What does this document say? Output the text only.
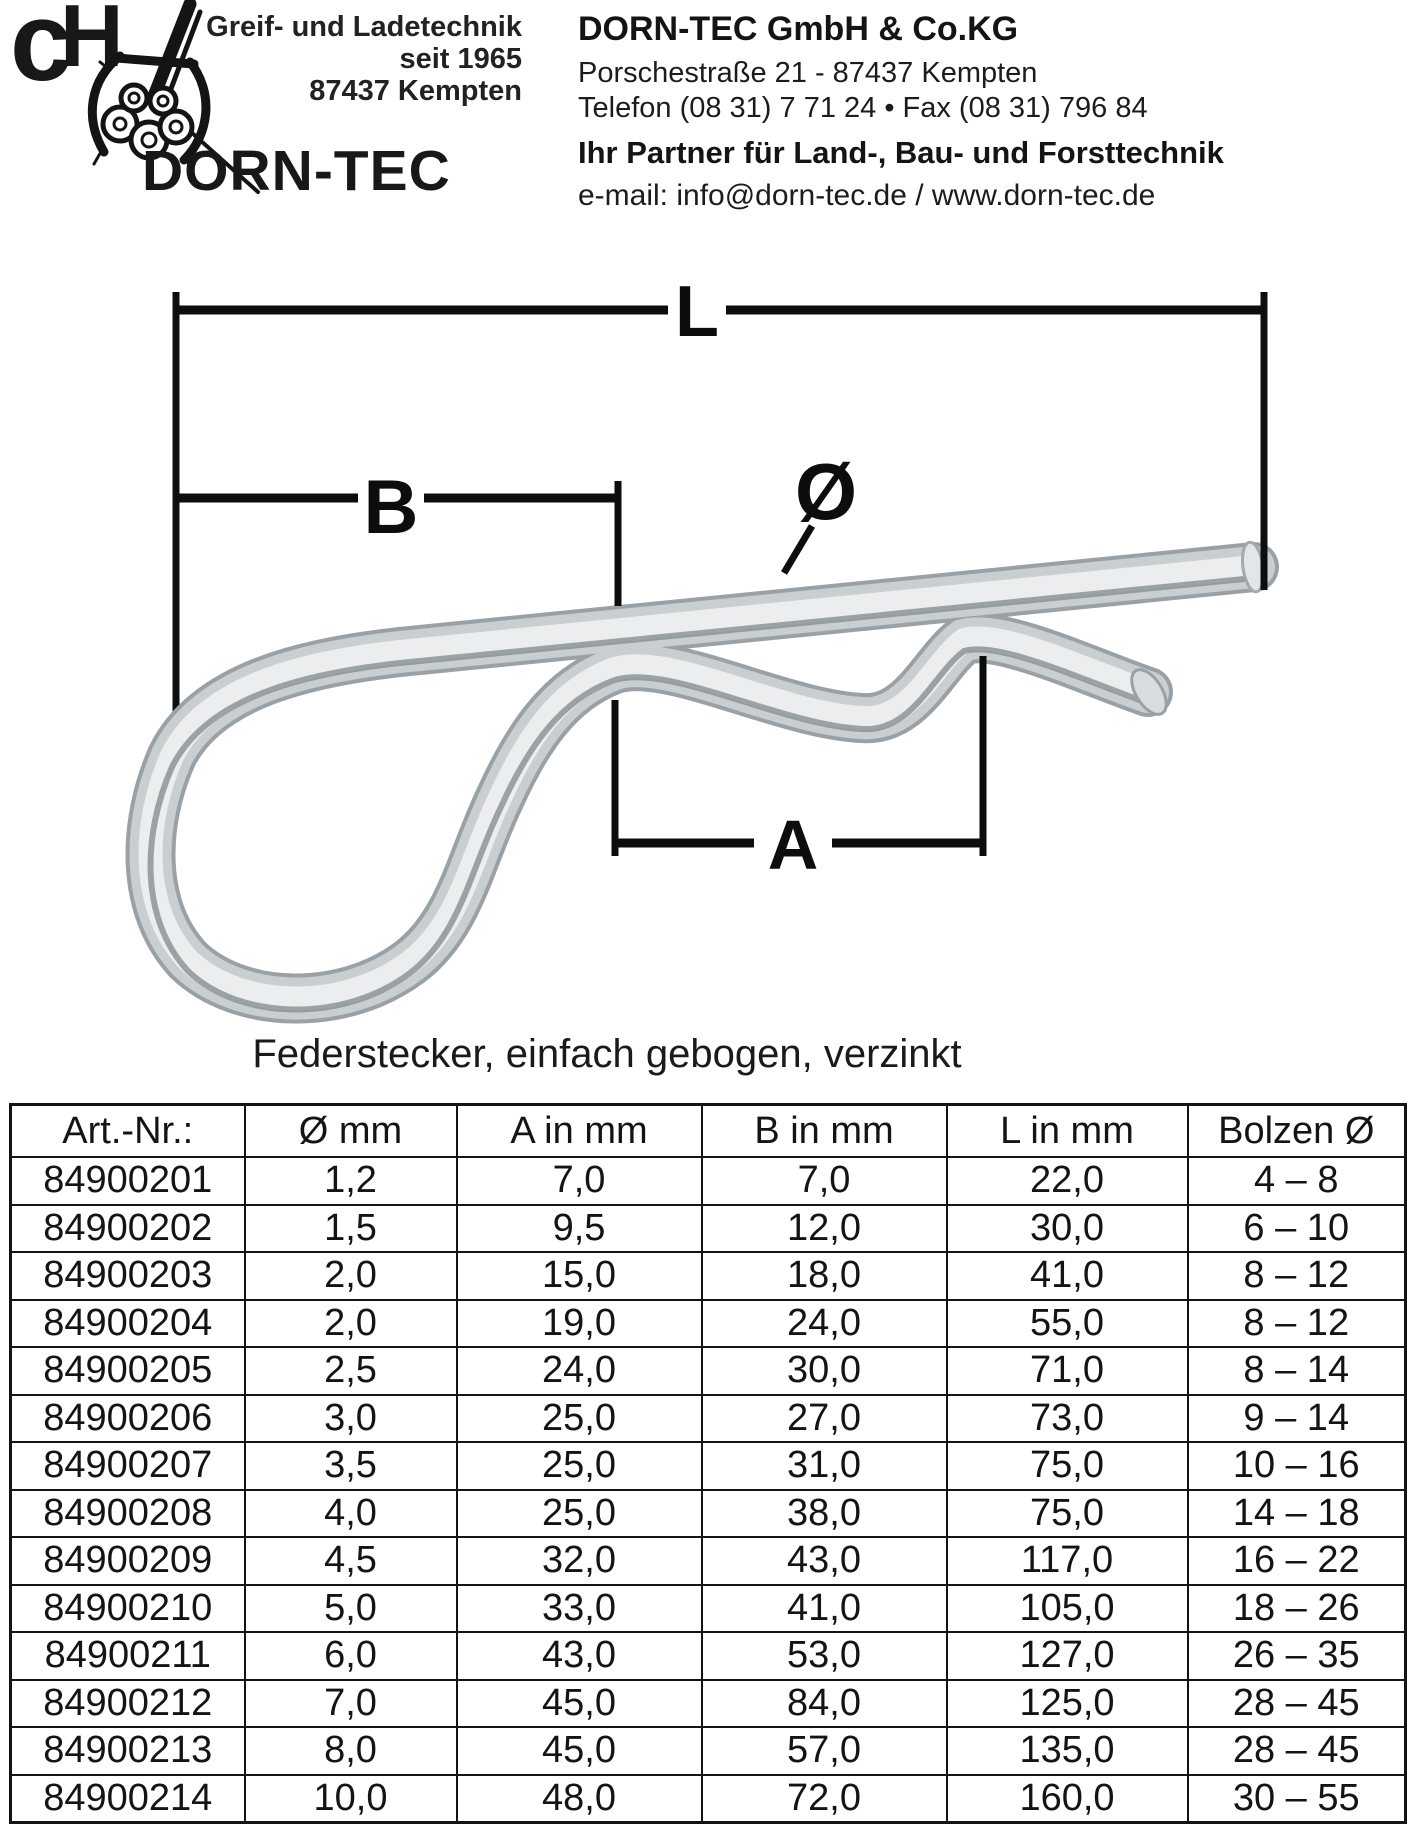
c
H	Greif- und Ladetechnik
seit 1965
87437 Kempten
DORN-TEC
DORN-TEC GmbH & Co.KG
Porschestraße 21 - 87437 Kempten
Telefon (08 31) 7 71 24 • Fax (08 31) 796 84
Ihr Partner für Land-, Bau- und Forsttechnik
e-mail: info@dorn-tec.de / www.dorn-tec.de
L
B	Ø
A
Federstecker, einfach gebogen, verzinkt
Art.-Nr.:	Ø mm	A in mm	B in mm	L in mm	Bolzen Ø
84900201	1,2	7,0	7,0	22,0	4 – 8
84900202	1,5	9,5	12,0	30,0	6 – 10
84900203	2,0	15,0	18,0	41,0	8 – 12
84900204	2,0	19,0	24,0	55,0	8 – 12
84900205	2,5	24,0	30,0	71,0	8 – 14
84900206	3,0	25,0	27,0	73,0	9 – 14
84900207	3,5	25,0	31,0	75,0	10 – 16
84900208	4,0	25,0	38,0	75,0	14 – 18
84900209	4,5	32,0	43,0	117,0	16 – 22
84900210	5,0	33,0	41,0	105,0	18 – 26
84900211	6,0	43,0	53,0	127,0	26 – 35
84900212	7,0	45,0	84,0	125,0	28 – 45
84900213	8,0	45,0	57,0	135,0	28 – 45
84900214	10,0	48,0	72,0	160,0	30 – 55
